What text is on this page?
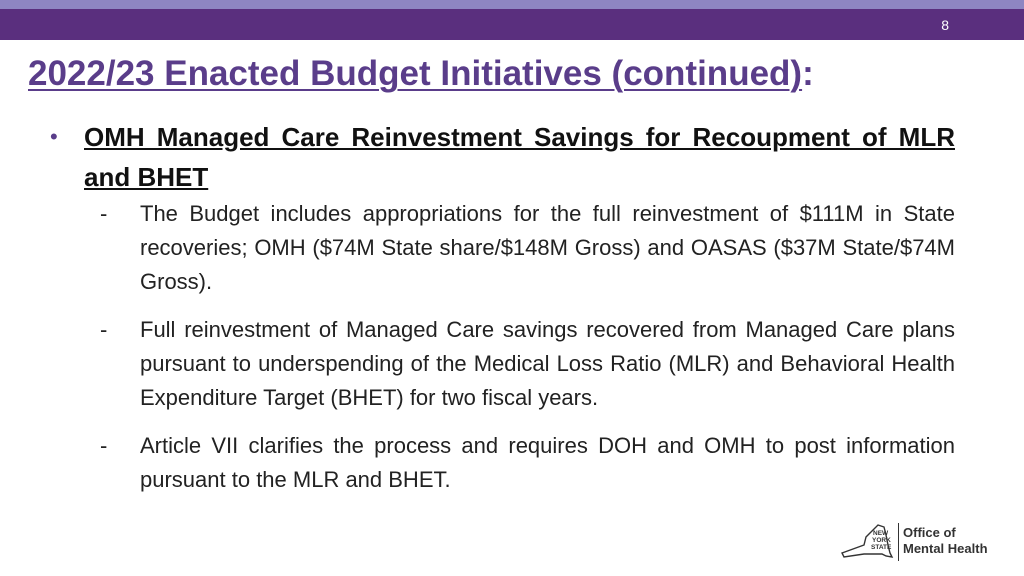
8
2022/23 Enacted Budget Initiatives (continued):
• OMH Managed Care Reinvestment Savings for Recoupment of MLR and BHET

- The Budget includes appropriations for the full reinvestment of $111M in State recoveries; OMH ($74M State share/$148M Gross) and OASAS ($37M State/$74M Gross).

- Full reinvestment of Managed Care savings recovered from Managed Care plans pursuant to underspending of the Medical Loss Ratio (MLR) and Behavioral Health Expenditure Target (BHET) for two fiscal years.

- Article VII clarifies the process and requires DOH and OMH to post information pursuant to the MLR and BHET.

NEW
YORK
STATE
Office of
Mental Health
